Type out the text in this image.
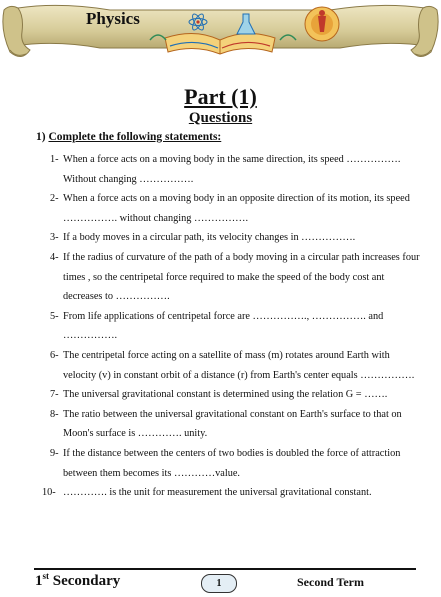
Physics
Part (1)
Questions
1) Complete the following statements:
1- When a force acts on a moving body in the same direction, its speed ……………. Without changing …………….
2- When a force acts on a moving body in an opposite direction of its motion, its speed ……………. without changing …………….
3- If a body moves in a circular path, its velocity changes in …………….
4- If the radius of curvature of the path of a body moving in a circular path increases four times , so the centripetal force required to make the speed of the body cost ant decreases to …………….
5- From life applications of centripetal force are ……………., ……………. and …………….
6- The centripetal force acting on a satellite of mass (m) rotates around Earth with velocity (v) in constant orbit of a distance (r) from Earth's center equals …………….
7- The universal gravitational constant is determined using the relation G = …….
8- The ratio between the universal gravitational constant on Earth's surface to that on Moon's surface is …………. unity.
9- If the distance between the centers of two bodies is doubled the force of attraction between them becomes its …………value.
10- …………. is the unit for measurement the universal gravitational constant.
1st Secondary	1	Second Term
